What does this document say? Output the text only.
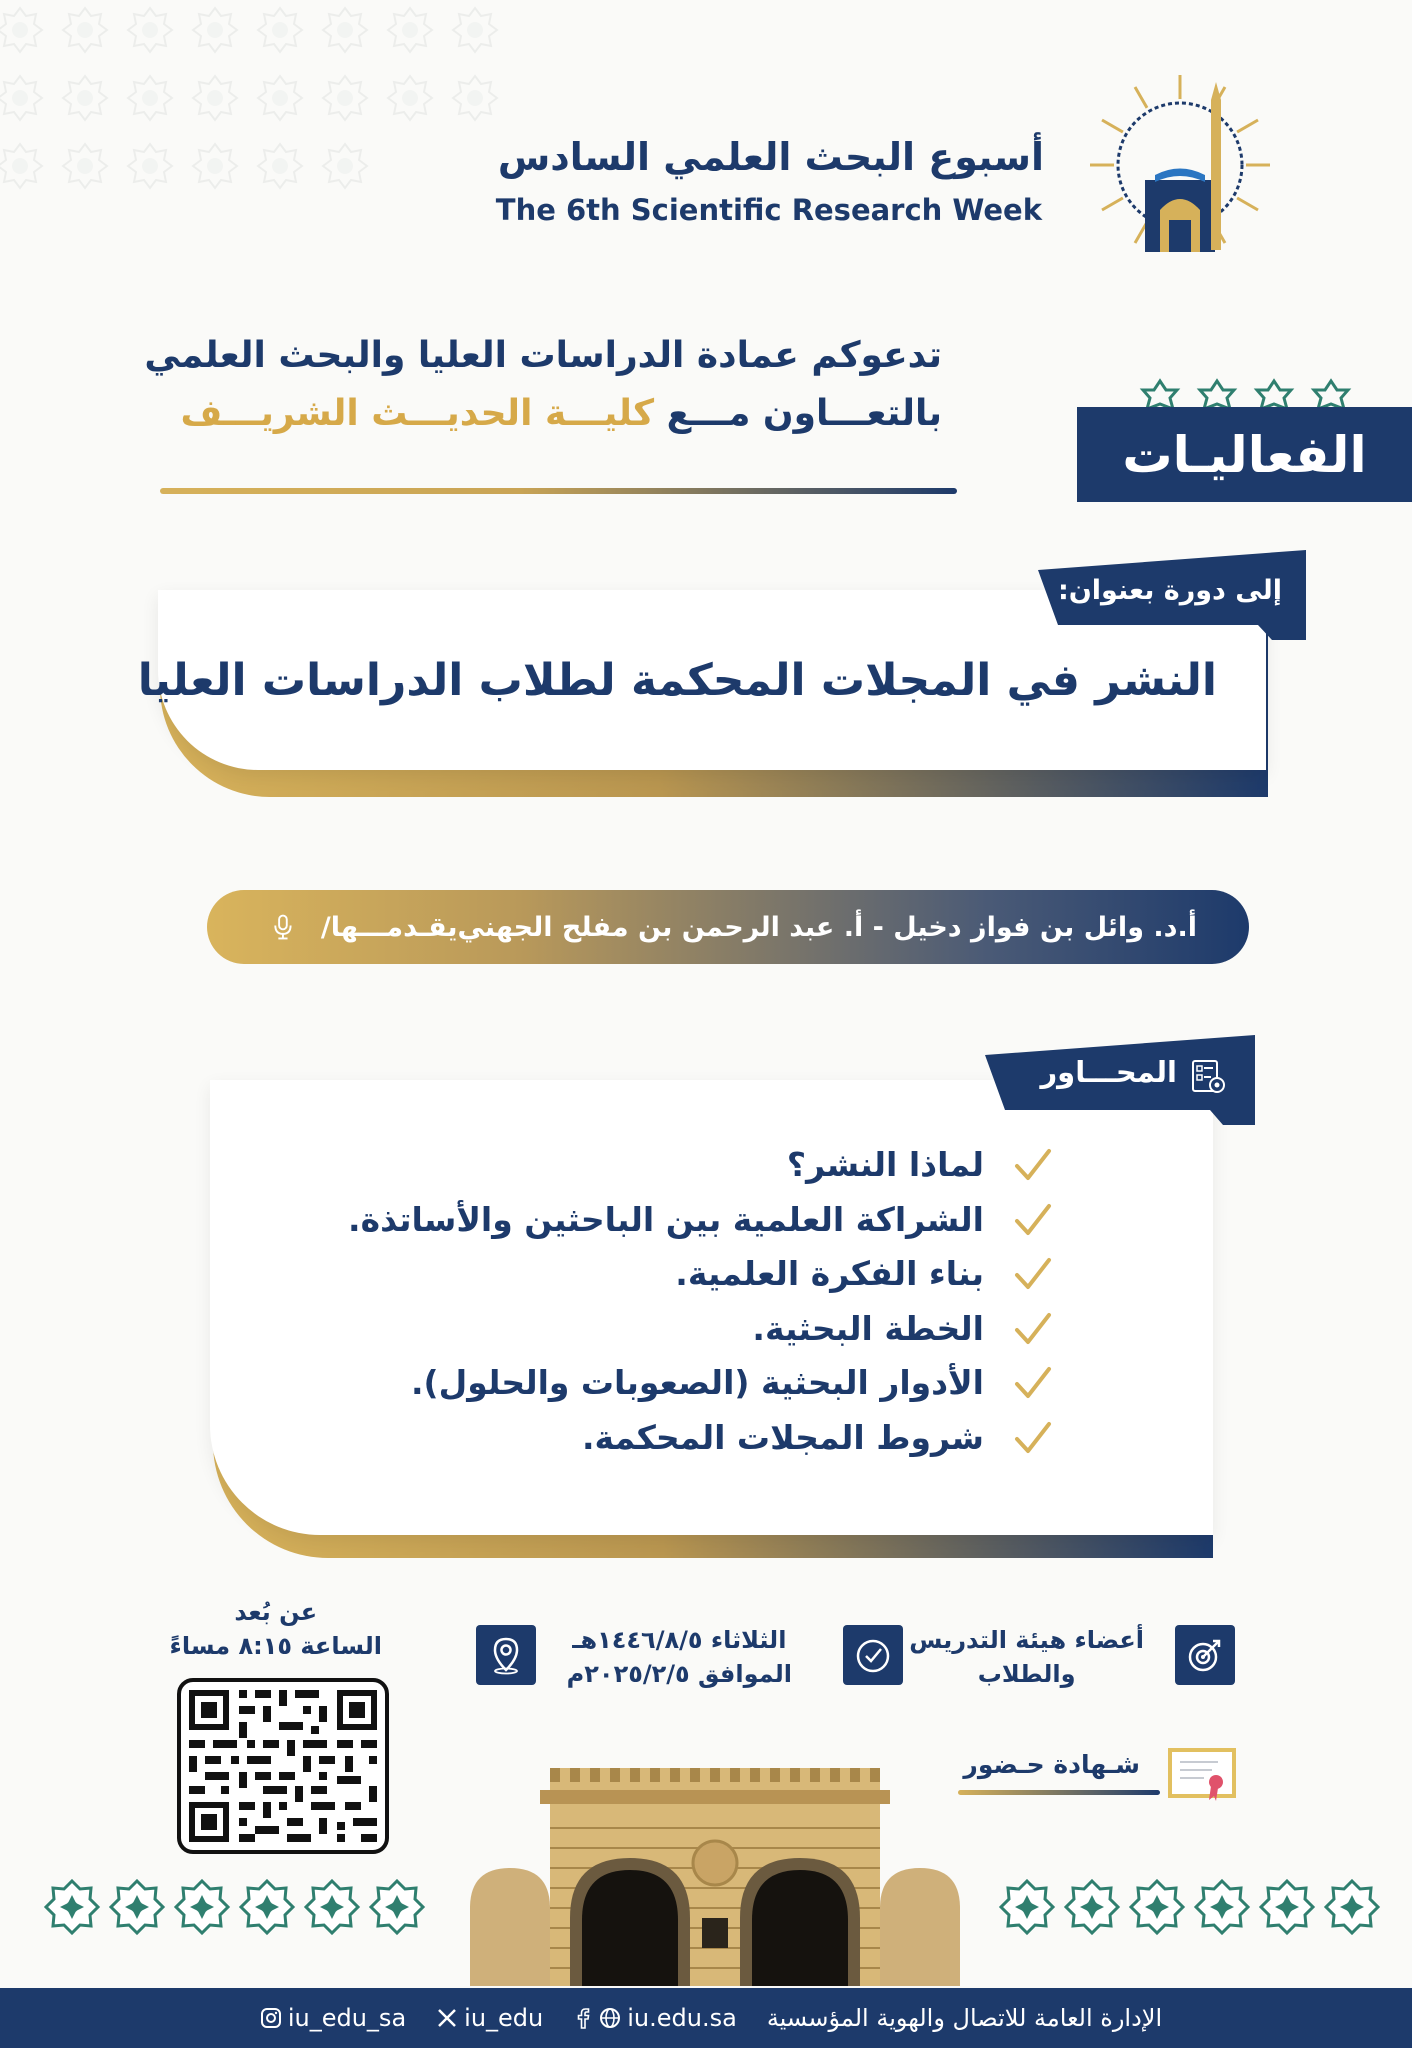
أسبوع البحث العلمي السادس
The 6th Scientific Research Week
تدعوكم عمادة الدراسات العليا والبحث العلمي
بالتعـــاون مـــع كليـــة الحديـــث الشريـــف
الفعاليـات
إلى دورة بعنوان:
النشر في المجلات المحكمة لطلاب الدراسات العليا
يقـدمـــها/ أ.د. وائل بن فواز دخيل - أ. عبد الرحمن بن مفلح الجهني
المحـــاور
لماذا النشر؟
الشراكة العلمية بين الباحثين والأساتذة.
بناء الفكرة العلمية.
الخطة البحثية.
الأدوار البحثية (الصعوبات والحلول).
شروط المجلات المحكمة.
أعضاء هيئة التدريس
والطلاب
الثلاثاء ١٤٤٦/٨/٥هـ
الموافق ٢٠٢٥/٢/٥م
عن بُعد
الساعة ٨:١٥ مساءً
شـهادة حـضور
iu_edu_sa iu_edu	iu.edu.sa الإدارة العامة للاتصال والهوية المؤسسية
